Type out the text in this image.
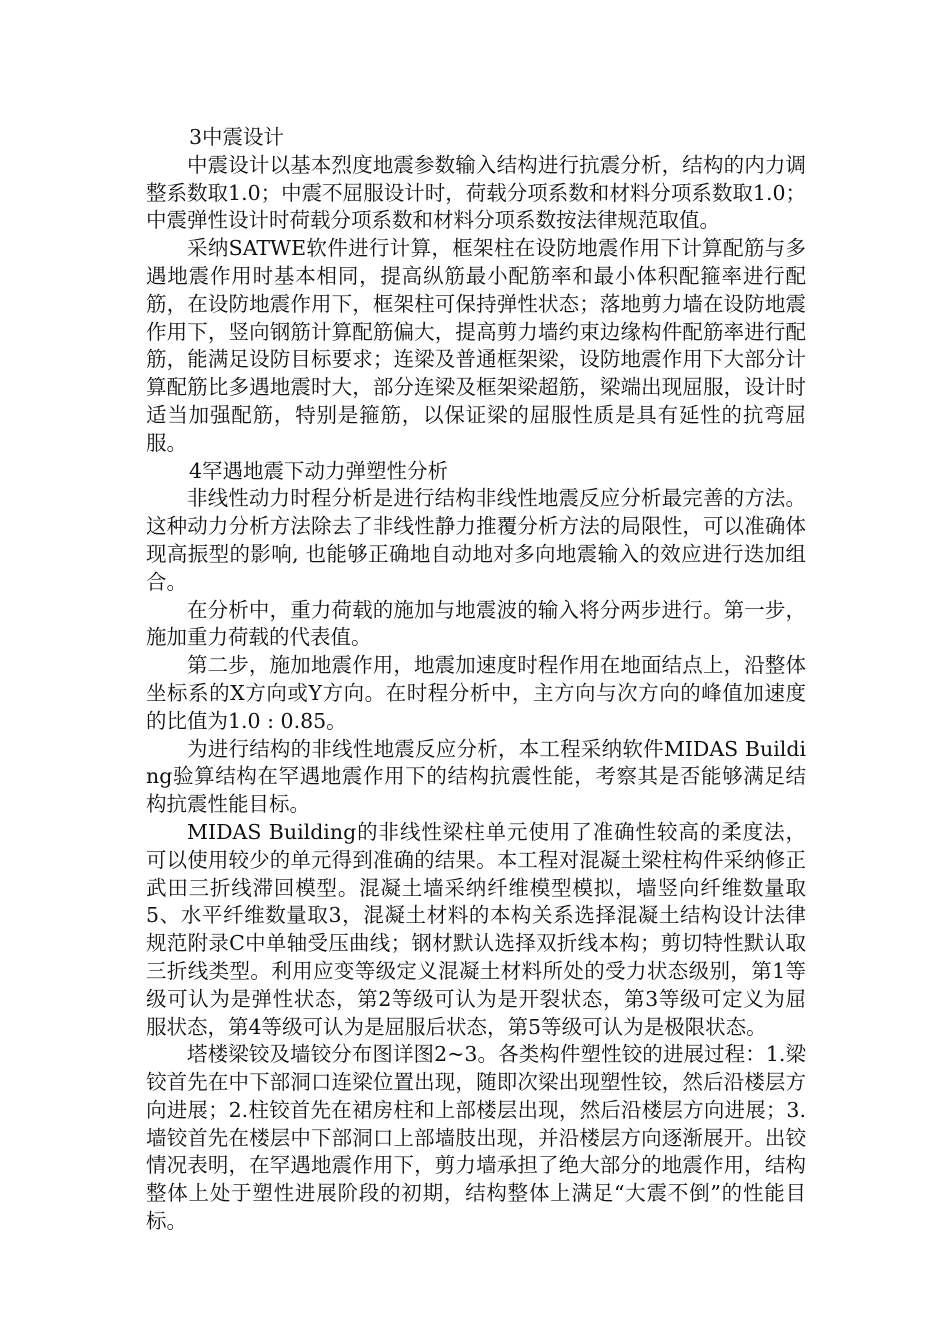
3中震设计

中震设计以基本烈度地震参数输入结构进行抗震分析，结构的内力调整系数取1.0；中震不屈服设计时，荷载分项系数和材料分项系数取1.0；中震弹性设计时荷载分项系数和材料分项系数按法律规范取值。

采纳SATWE软件进行计算，框架柱在设防地震作用下计算配筋与多遇地震作用时基本相同，提高纵筋最小配筋率和最小体积配箍率进行配筋，在设防地震作用下，框架柱可保持弹性状态；落地剪力墙在设防地震作用下，竖向钢筋计算配筋偏大，提高剪力墙约束边缘构件配筋率进行配筋，能满足设防目标要求；连梁及普通框架梁，设防地震作用下大部分计算配筋比多遇地震时大，部分连梁及框架梁超筋，梁端出现屈服，设计时适当加强配筋，特别是箍筋，以保证梁的屈服性质是具有延性的抗弯屈服。

4罕遇地震下动力弹塑性分析

非线性动力时程分析是进行结构非线性地震反应分析最完善的方法。这种动力分析方法除去了非线性静力推覆分析方法的局限性，可以准确体现高振型的影响, 也能够正确地自动地对多向地震输入的效应进行迭加组合。

在分析中，重力荷载的施加与地震波的输入将分两步进行。第一步，施加重力荷载的代表值。

第二步，施加地震作用，地震加速度时程作用在地面结点上，沿整体坐标系的X方向或Y方向。在时程分析中，主方向与次方向的峰值加速度的比值为1.0 : 0.85。

为进行结构的非线性地震反应分析，本工程采纳软件MIDAS Building验算结构在罕遇地震作用下的结构抗震性能，考察其是否能够满足结构抗震性能目标。

MIDAS Building的非线性梁柱单元使用了准确性较高的柔度法，可以使用较少的单元得到准确的结果。本工程对混凝土梁柱构件采纳修正武田三折线滞回模型。混凝土墙采纳纤维模型模拟，墙竖向纤维数量取5、水平纤维数量取3，混凝土材料的本构关系选择混凝土结构设计法律规范附录C中单轴受压曲线；钢材默认选择双折线本构；剪切特性默认取三折线类型。利用应变等级定义混凝土材料所处的受力状态级别，第1等级可认为是弹性状态，第2等级可认为是开裂状态，第3等级可定义为屈服状态，第4等级可认为是屈服后状态，第5等级可认为是极限状态。

塔楼梁铰及墙铰分布图详图2~3。各类构件塑性铰的进展过程：1.梁铰首先在中下部洞口连梁位置出现，随即次梁出现塑性铰，然后沿楼层方向进展；2.柱铰首先在裙房柱和上部楼层出现，然后沿楼层方向进展；3.墙铰首先在楼层中下部洞口上部墙肢出现，并沿楼层方向逐渐展开。出铰情况表明，在罕遇地震作用下，剪力墙承担了绝大部分的地震作用，结构整体上处于塑性进展阶段的初期，结构整体上满足“大震不倒”的性能目标。
